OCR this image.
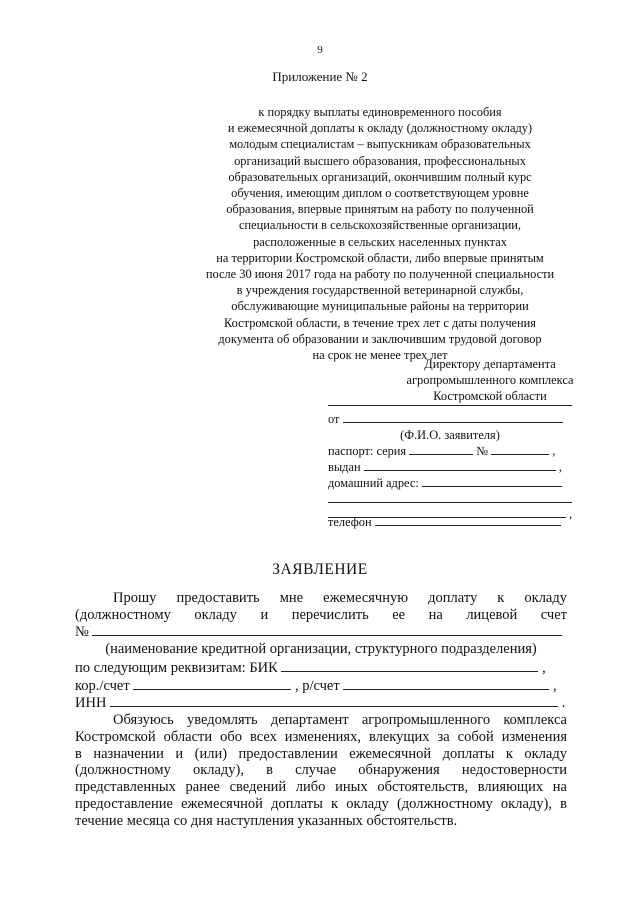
9
Приложение № 2
к порядку выплаты единовременного пособия
и ежемесячной доплаты к окладу (должностному окладу)
молодым специалистам – выпускникам образовательных
организаций высшего образования, профессиональных
образовательных организаций, окончившим полный курс
обучения, имеющим диплом о соответствующем уровне
образования, впервые принятым на работу по полученной
специальности в сельскохозяйственные организации,
расположенные в сельских населенных пунктах
на территории Костромской области, либо впервые принятым
после 30 июня 2017 года на работу по полученной специальности
в учреждения государственной ветеринарной службы,
обслуживающие муниципальные районы на территории
Костромской области, в течение трех лет с даты получения
документа об образовании и заключившим трудовой договор
на срок не менее трех лет
Директору департамента
агропромышленного комплекса
Костромской области
от
(Ф.И.О. заявителя)
паспорт: серия	№	,
выдан	,
домашний адрес:
,
телефон
ЗАЯВЛЕНИЕ
Прошу предоставить мне ежемесячную доплату к окладу
(должностному окладу и перечислить ее на лицевой счет
№
(наименование кредитной организации, структурного подразделения)
по следующим реквизитам: БИК	,
кор./счет	, р/счет	,
ИНН	.
Обязуюсь уведомлять департамент агропромышленного комплекса
Костромской области обо всех изменениях, влекущих за собой изменения
в назначении и (или) предоставлении ежемесячной доплаты к окладу
(должностному окладу), в случае обнаружения недостоверности
представленных ранее сведений либо иных обстоятельств, влияющих на
предоставление ежемесячной доплаты к окладу (должностному окладу), в
течение месяца со дня наступления указанных обстоятельств.
